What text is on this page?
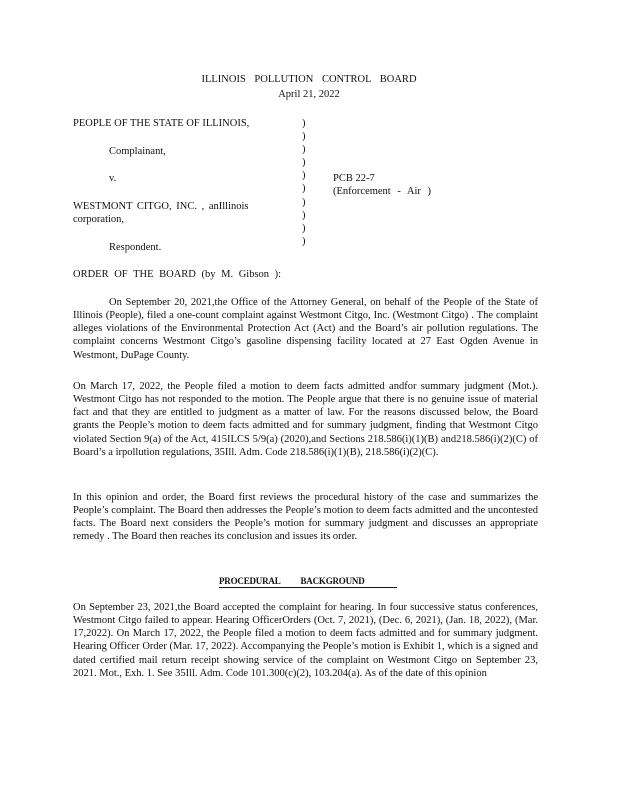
ILLINOIS POLLUTION CONTROL BOARD
April 21, 2022
PEOPLE OF THE STATE OF ILLINOIS,
Complainant,
v.
WESTMONT CITGO, INC. , anIllinois
corporation,
Respondent.
)
)
)
)
)
)
)
)
)
)
PCB 22-7
(Enforcement - Air )
ORDER OF THE BOARD (by M. Gibson ):
On September 20, 2021,the Office of the Attorney General, on behalf of the People of the State of Illinois (People), filed a one-count complaint against Westmont Citgo, Inc. (Westmont Citgo) . The complaint alleges violations of the Environmental Protection Act (Act) and the Board’s air pollution regulations. The complaint concerns Westmont Citgo’s gasoline dispensing facility located at 27 East Ogden Avenue in Westmont, DuPage County.
On March 17, 2022, the People filed a motion to deem facts admitted andfor summary judgment (Mot.). Westmont Citgo has not responded to the motion. The People argue that there is no genuine issue of material fact and that they are entitled to judgment as a matter of law. For the reasons discussed below, the Board grants the People’s motion to deem facts admitted and for summary judgment, finding that Westmont Citgo violated Section 9(a) of the Act, 415ILCS 5/9(a) (2020),and Sections 218.586(i)(1)(B) and218.586(i)(2)(C) of Board’s a irpollution regulations, 35Ill. Adm. Code 218.586(i)(1)(B), 218.586(i)(2)(C).
In this opinion and order, the Board first reviews the procedural history of the case and summarizes the People’s complaint. The Board then addresses the People’s motion to deem facts admitted and the uncontested facts. The Board next considers the People’s motion for summary judgment and discusses an appropriate remedy . The Board then reaches its conclusion and issues its order.
PROCEDURAL          BACKGROUND
On September 23, 2021,the Board accepted the complaint for hearing. In four successive status conferences, Westmont Citgo failed to appear. Hearing OfficerOrders (Oct. 7, 2021), (Dec. 6, 2021), (Jan. 18, 2022), (Mar. 17,2022). On March 17, 2022, the People filed a motion to deem facts admitted and for summary judgment. Hearing Officer Order (Mar. 17, 2022). Accompanying the People’s motion is Exhibit 1, which is a signed and dated certified mail return receipt showing service of the complaint on Westmont Citgo on September 23, 2021. Mot., Exh. 1. See 35Ill. Adm. Code 101.300(c)(2), 103.204(a). As of the date of this opinion
